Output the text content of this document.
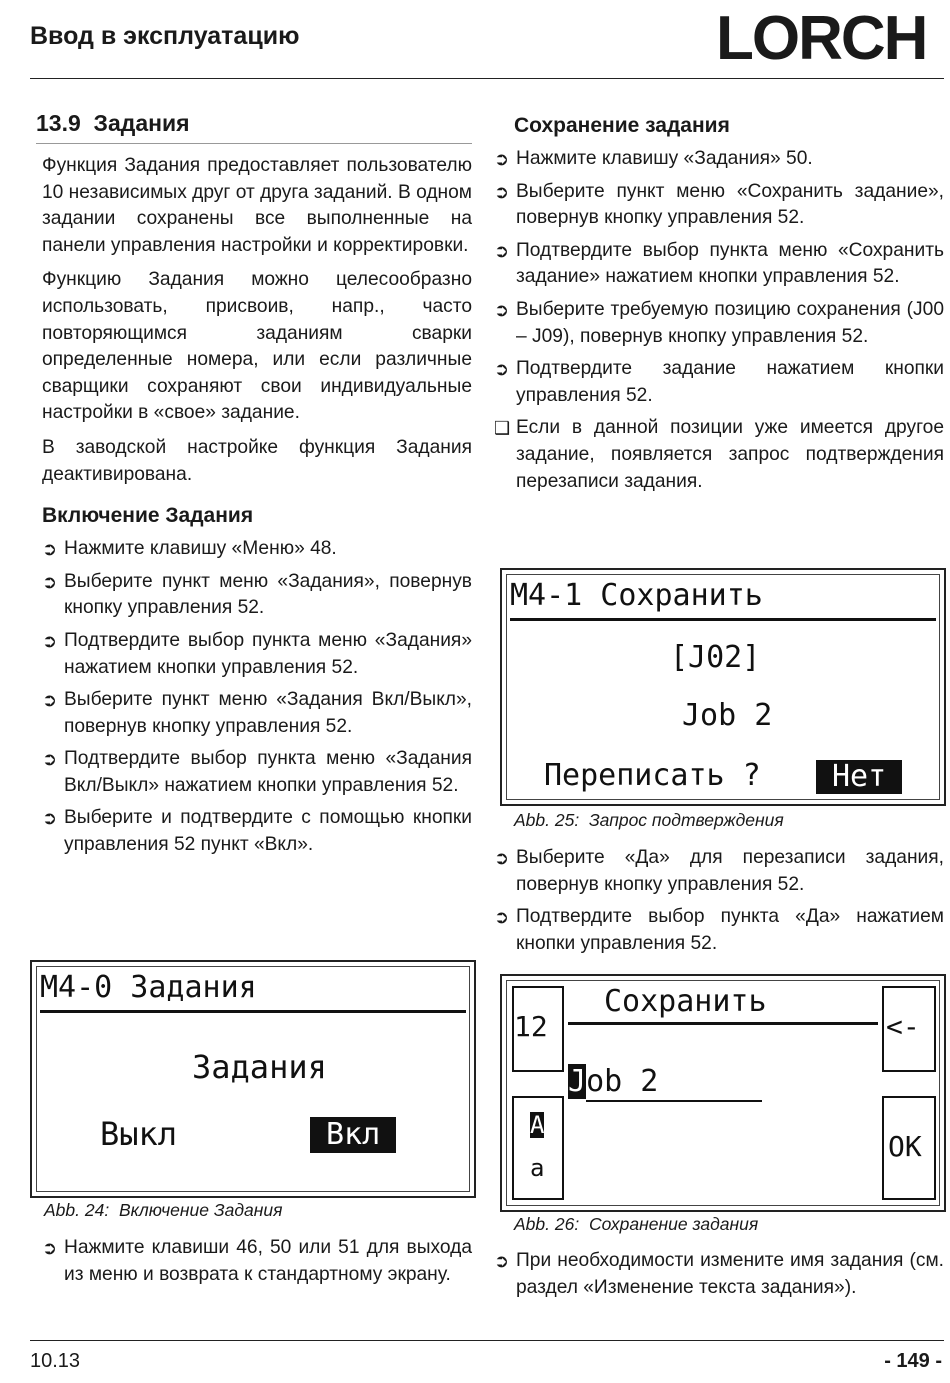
Ввод в эксплуатацию	LORCH
13.9 Задания

Функция Задания предоставляет пользователю 10 независимых друг от друга заданий. В одном задании сохранены все выполненные на панели управления настройки и корректировки.

Функцию Задания можно целесообразно использовать, присвоив, напр., часто повторяющимся заданиям сварки определенные номера, или если различные сварщики сохраняют свои индивидуальные настройки в «свое» задание.

В заводской настройке функция Задания деактивирована.

Включение Задания
➲ Нажмите клавишу «Меню» 48.
➲ Выберите пункт меню «Задания», повернув кнопку управления 52.
➲ Подтвердите выбор пункта меню «Задания» нажатием кнопки управления 52.
➲ Выберите пункт меню «Задания Вкл/Выкл», повернув кнопку управления 52.
➲ Подтвердите выбор пункта меню «Задания Вкл/Выкл» нажатием кнопки управления 52.
➲ Выберите и подтвердите с помощью кнопки управления 52 пункт «Вкл».
M4-0 Задания
Задания
Выкл	Вкл
Abb. 24: Включение Задания
➲ Нажмите клавиши 46, 50 или 51 для выхода из меню и возврата к стандартному экрану.
Сохранение задания
➲ Нажмите клавишу «Задания» 50.
➲ Выберите пункт меню «Сохранить задание», повернув кнопку управления 52.
➲ Подтвердите выбор пункта меню «Сохранить задание» нажатием кнопки управления 52.
➲ Выберите требуемую позицию сохранения (J00 – J09), повернув кнопку управления 52.
➲ Подтвердите задание нажатием кнопки управления 52.
❑ Если в данной позиции уже имеется другое задание, появляется запрос подтверждения перезаписи задания.
M4-1 Сохранить
[J02]
Job 2
Переписать ?	Нет
Abb. 25: Запрос подтверждения
➲ Выберите «Да» для перезаписи задания, повернув кнопку управления 52.
➲ Подтвердите выбор пункта «Да» нажатием кнопки управления 52.
12
Сохранить
<-
Job 2
A
a
OK
Abb. 26: Сохранение задания
➲ При необходимости измените имя задания (см. раздел «Изменение текста задания»).
10.13	- 149 -
